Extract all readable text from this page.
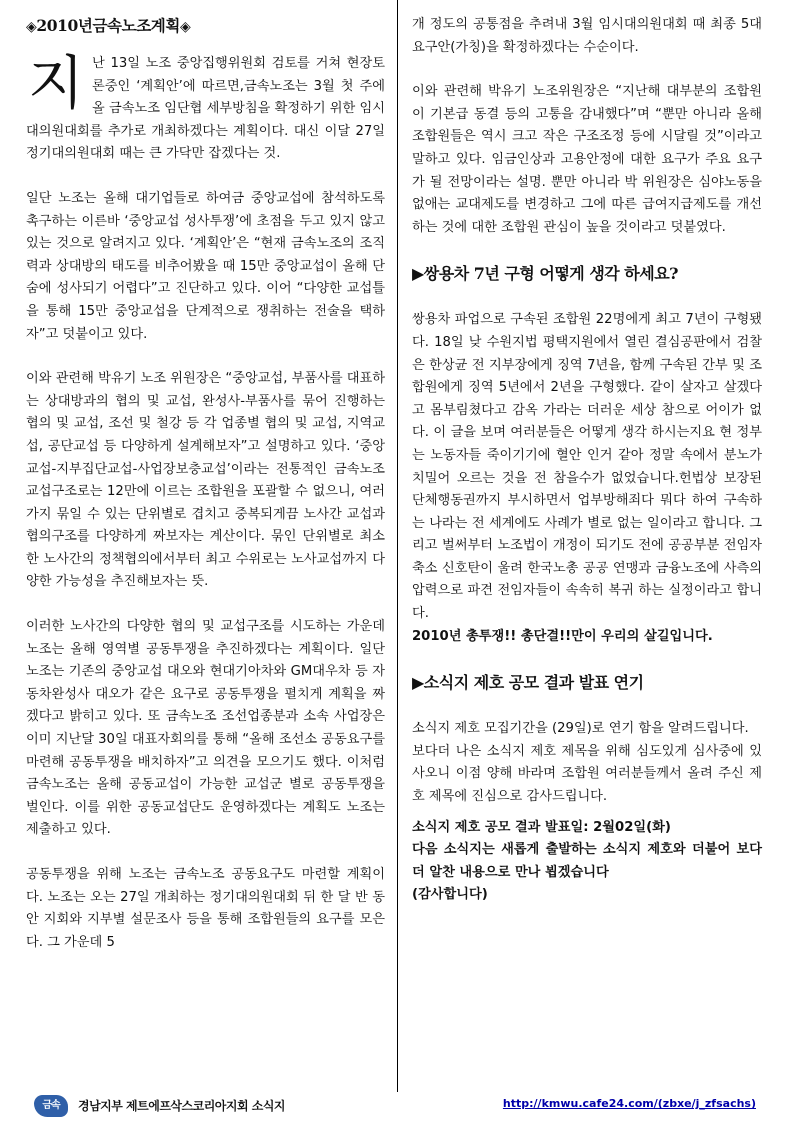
◈2010년금속노조계획◈

지난 13일 노조 중앙집행위원회 검토를 거쳐 현장토론중인 ‘계획안’에 따르면,금속노조는 3월 첫 주에 올 금속노조 임단협 세부방침을 확정하기 위한 임시대의원대회를 추가로 개최하겠다는 계획이다. 대신 이달 27일 정기대의원대회 때는 큰 가닥만 잡겠다는 것.

일단 노조는 올해 대기업들로 하여금 중앙교섭에 참석하도록 촉구하는 이른바 ‘중앙교섭 성사투쟁’에 초점을 두고 있지 않고 있는 것으로 알려지고 있다. ‘계획안’은 “현재 금속노조의 조직력과 상대방의 태도를 비추어봤을 때 15만 중앙교섭이 올해 단숨에 성사되기 어렵다”고 진단하고 있다. 이어 “다양한 교섭틀을 통해 15만 중앙교섭을 단계적으로 쟁취하는 전술을 택하자”고 덧붙이고 있다.

이와 관련해 박유기 노조 위원장은 “중앙교섭, 부품사를 대표하는 상대방과의 협의 및 교섭, 완성사-부품사를 묶어 진행하는 협의 및 교섭, 조선 및 철강 등 각 업종별 협의 및 교섭, 지역교섭, 공단교섭 등 다양하게 설계해보자”고 설명하고 있다. ‘중앙교섭-지부집단교섭-사업장보충교섭’이라는 전통적인 금속노조 교섭구조로는 12만에 이르는 조합원을 포괄할 수 없으니, 여러 가지 묶일 수 있는 단위별로 겹치고 중복되게끔 노사간 교섭과 협의구조를 다양하게 짜보자는 계산이다. 묶인 단위별로 최소한 노사간의 정책협의에서부터 최고 수위로는 노사교섭까지 다양한 가능성을 추진해보자는 뜻.

이러한 노사간의 다양한 협의 및 교섭구조를 시도하는 가운데 노조는 올해 영역별 공동투쟁을 추진하겠다는 계획이다. 일단 노조는 기존의 중앙교섭 대오와 현대기아차와 GM대우차 등 자동차완성사 대오가 같은 요구로 공동투쟁을 펼치게 계획을 짜겠다고 밝히고 있다. 또 금속노조 조선업종분과 소속 사업장은 이미 지난달 30일 대표자회의를 통해 “올해 조선소 공동요구를 마련해 공동투쟁을 배치하자”고 의견을 모으기도 했다. 이처럼 금속노조는 올해 공동교섭이 가능한 교섭군 별로 공동투쟁을 벌인다. 이를 위한 공동교섭단도 운영하겠다는 계획도 노조는 제출하고 있다.

공동투쟁을 위해 노조는 금속노조 공동요구도 마련할 계획이다. 노조는 오는 27일 개최하는 정기대의원대회 뒤 한 달 반 동안 지회와 지부별 설문조사 등을 통해 조합원들의 요구를 모은다. 그 가운데 5

개 정도의 공통점을 추려내 3월 임시대의원대회 때 최종 5대 요구안(가칭)을 확정하겠다는 수순이다.

이와 관련해 박유기 노조위원장은 “지난해 대부분의 조합원이 기본급 동결 등의 고통을 감내했다”며 “뿐만 아니라 올해 조합원들은 역시 크고 작은 구조조정 등에 시달릴 것”이라고 말하고 있다. 임금인상과 고용안정에 대한 요구가 주요 요구가 될 전망이라는 설명. 뿐만 아니라 박 위원장은 심야노동을 없애는 교대제도를 변경하고 그에 따른 급여지급제도를 개선하는 것에 대한 조합원 관심이 높을 것이라고 덧붙였다.

▶쌍용차 7년 구형 어떻게 생각 하세요?

쌍용차 파업으로 구속된 조합원 22명에게 최고 7년이 구형됐다. 18일 낮 수원지법 평택지원에서 열린 결심공판에서 검찰은 한상균 전 지부장에게 징역 7년을, 함께 구속된 간부 및 조합원에게 징역 5년에서 2년을 구형했다. 같이 살자고 살겠다고 몸부림쳤다고 감옥 가라는 더러운 세상 참으로 어이가 없다. 이 글을 보며 여러분들은 어떻게 생각 하시는지요 현 정부는 노동자들 죽이기기에 혈안 인거 같아 정말 속에서 분노가 치밀어 오르는 것을 전 참을수가 없었습니다.헌법상 보장된 단체행동권까지 부시하면서 업부방해죄다 뭐다 하여 구속하는 나라는 전 세계에도 사례가 별로 없는 일이라고 합니다. 그리고 벌써부터 노조법이 개정이 되기도 전에 공공부분 전임자 축소 신호탄이 울려 한국노총 공공 연맹과 금융노조에 사측의 압력으로 파견 전임자들이 속속히 복귀 하는 실정이라고 합니다.

2010년 총투쟁!! 총단결!!만이 우리의 살길입니다.

▶소식지 제호 공모 결과 발표 연기

소식지 제호 모집기간을 (29일)로 연기 함을 알려드립니다.

보다더 나은 소식지 제호 제목을 위해 심도있게 심사중에 있사오니 이점 양해 바라며 조합원 여러분들께서 올려 주신 제호 제목에 진심으로 감사드립니다.

소식지 제호 공모 결과 발표일: 2월02일(화)

다음 소식지는 새롭게 출발하는 소식지 제호와 더불어 보다더 알찬 내용으로 만나 뵙겠습니다

(감사합니다)

금속	경남지부 제트에프삭스코리아지회 소식지	http://kmwu.cafe24.com/(zbxe/j_zfsachs)
